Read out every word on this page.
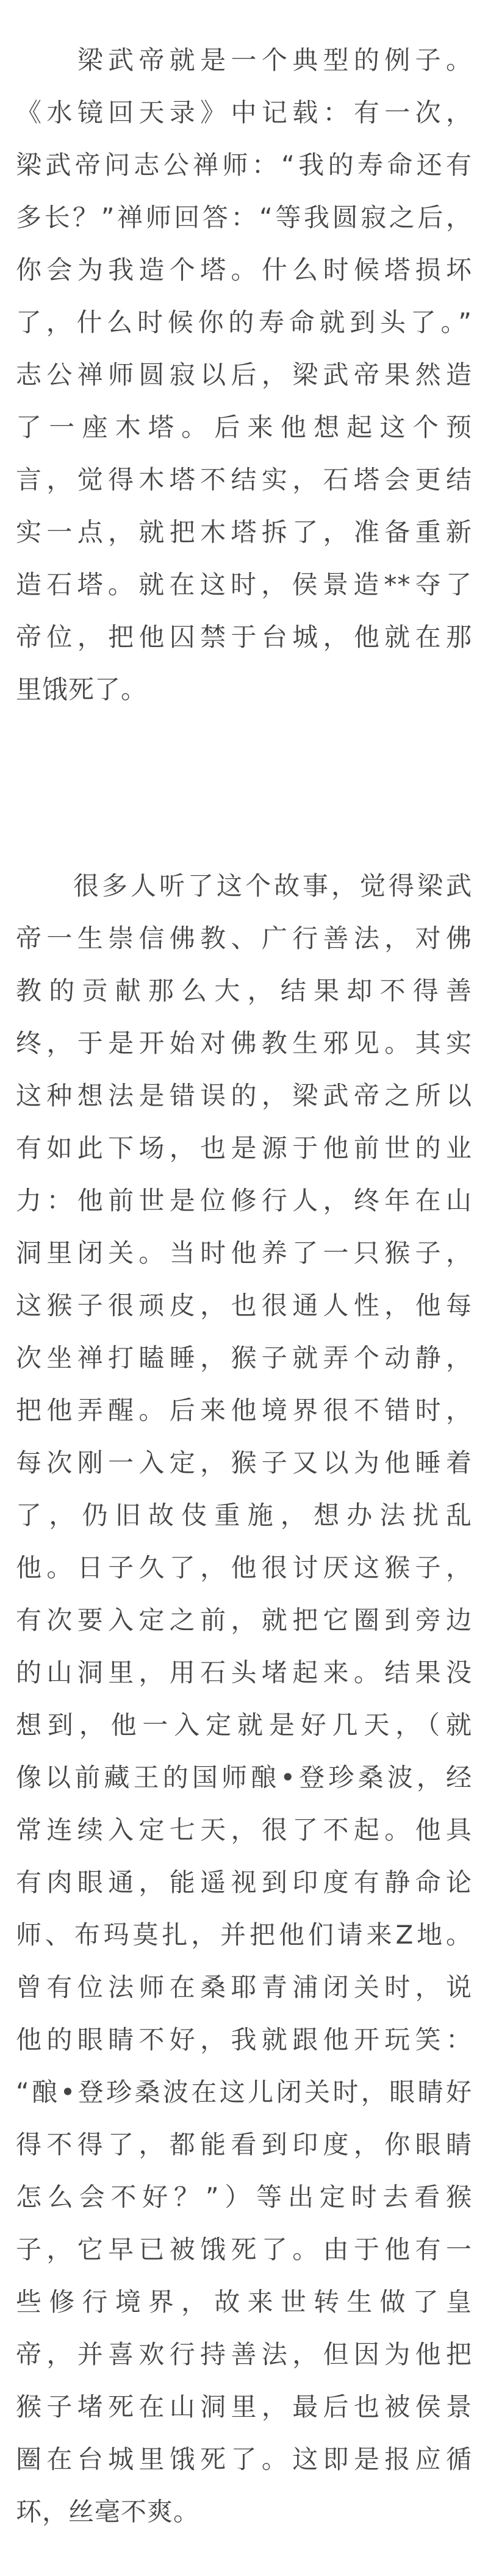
　　梁武帝就是一个典型的例子。
《水镜回天录》中记载：有一次，
梁武帝问志公禅师：“我的寿命还有
多长？”禅师回答：“等我圆寂之后，
你会为我造个塔。什么时候塔损坏
了，什么时候你的寿命就到头了。”
志公禅师圆寂以后，梁武帝果然造
了一座木塔。后来他想起这个预
言，觉得木塔不结实，石塔会更结
实一点，就把木塔拆了，准备重新
造石塔。就在这时，侯景造**夺了
帝位，把他囚禁于台城，他就在那
里饿死了。
　　很多人听了这个故事，觉得梁武
帝一生崇信佛教、广行善法，对佛
教的贡献那么大，结果却不得善
终，于是开始对佛教生邪见。其实
这种想法是错误的，梁武帝之所以
有如此下场，也是源于他前世的业
力：他前世是位修行人，终年在山
洞里闭关。当时他养了一只猴子，
这猴子很顽皮，也很通人性，他每
次坐禅打瞌睡，猴子就弄个动静，
把他弄醒。后来他境界很不错时，
每次刚一入定，猴子又以为他睡着
了，仍旧故伎重施，想办法扰乱
他。日子久了，他很讨厌这猴子，
有次要入定之前，就把它圈到旁边
的山洞里，用石头堵起来。结果没
想到，他一入定就是好几天，（就
像以前藏王的国师酿•登珍桑波，经
常连续入定七天，很了不起。他具
有肉眼通，能遥视到印度有静命论
师、布玛莫扎，并把他们请来Z地。
曾有位法师在桑耶青浦闭关时，说
他的眼睛不好，我就跟他开玩笑：
“酿•登珍桑波在这儿闭关时，眼睛好
得不得了，都能看到印度，你眼睛
怎么会不好？”）等出定时去看猴
子，它早已被饿死了。由于他有一
些修行境界，故来世转生做了皇
帝，并喜欢行持善法，但因为他把
猴子堵死在山洞里，最后也被侯景
圈在台城里饿死了。这即是报应循
环，丝毫不爽。
